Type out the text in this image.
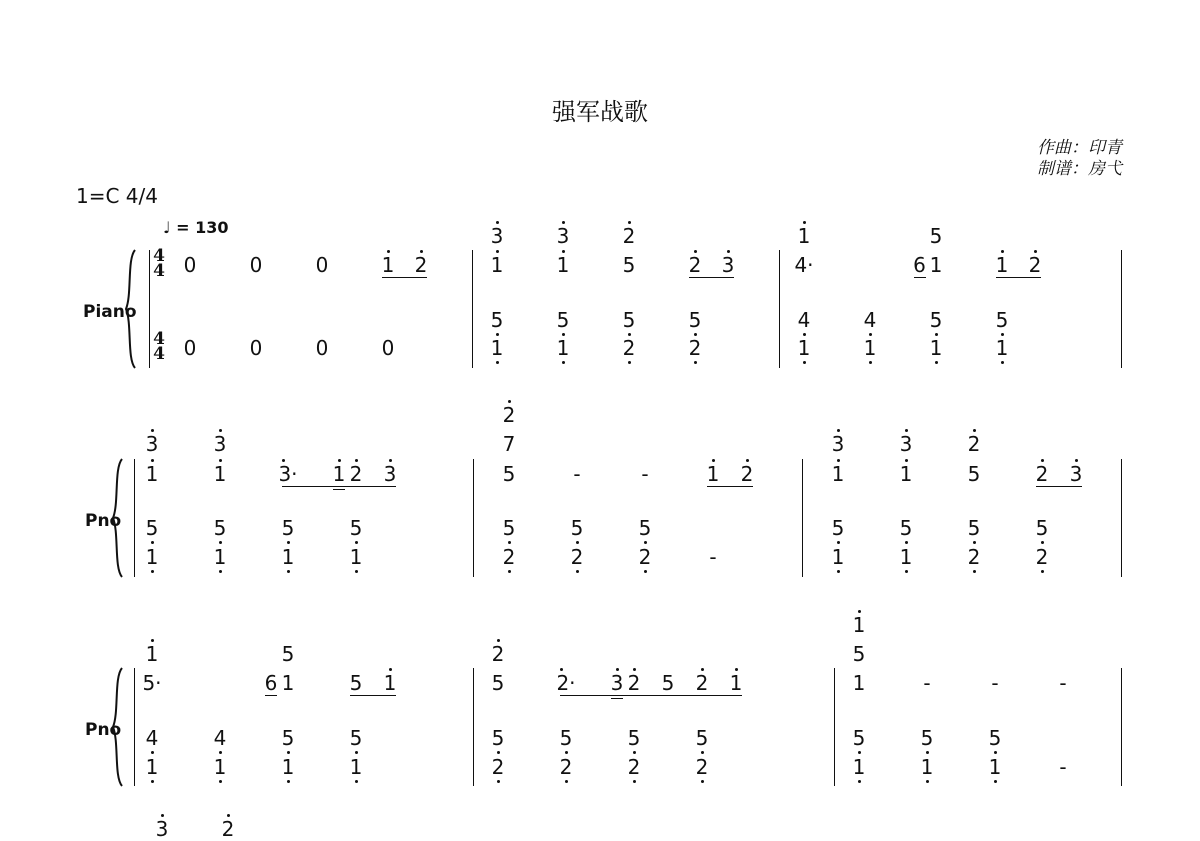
强军战歌
作曲：印青
制谱：房弋
1=C 4/4
♩ = 130
Piano
4
4
4
4
0	0	0	1 2
0	0	0	0
1	1	5	2 3
3	3	2
1	1	2	2
5	5	5	5
4·	6 1	1 2
1	5
1	1	1	1
4	4	5	5
Pno
1	1	3· 1 2 3
3	3
1	1	1	1
5	5	5	5
5	-	-	1 2
7
2
2	2	2	-
5	5	5
1	1	5	2 3
3	3	2
1	1	2	2
5	5	5	5
Pno
5·	6 1	5 1
1	5
1	1	1	1
4	4	5	5
5	2· 3 2 5 2 1
2
2	2	2	2
5	5	5	5
1	-	-	-
5
1
1	1	1	-
5	5	5
3	2
